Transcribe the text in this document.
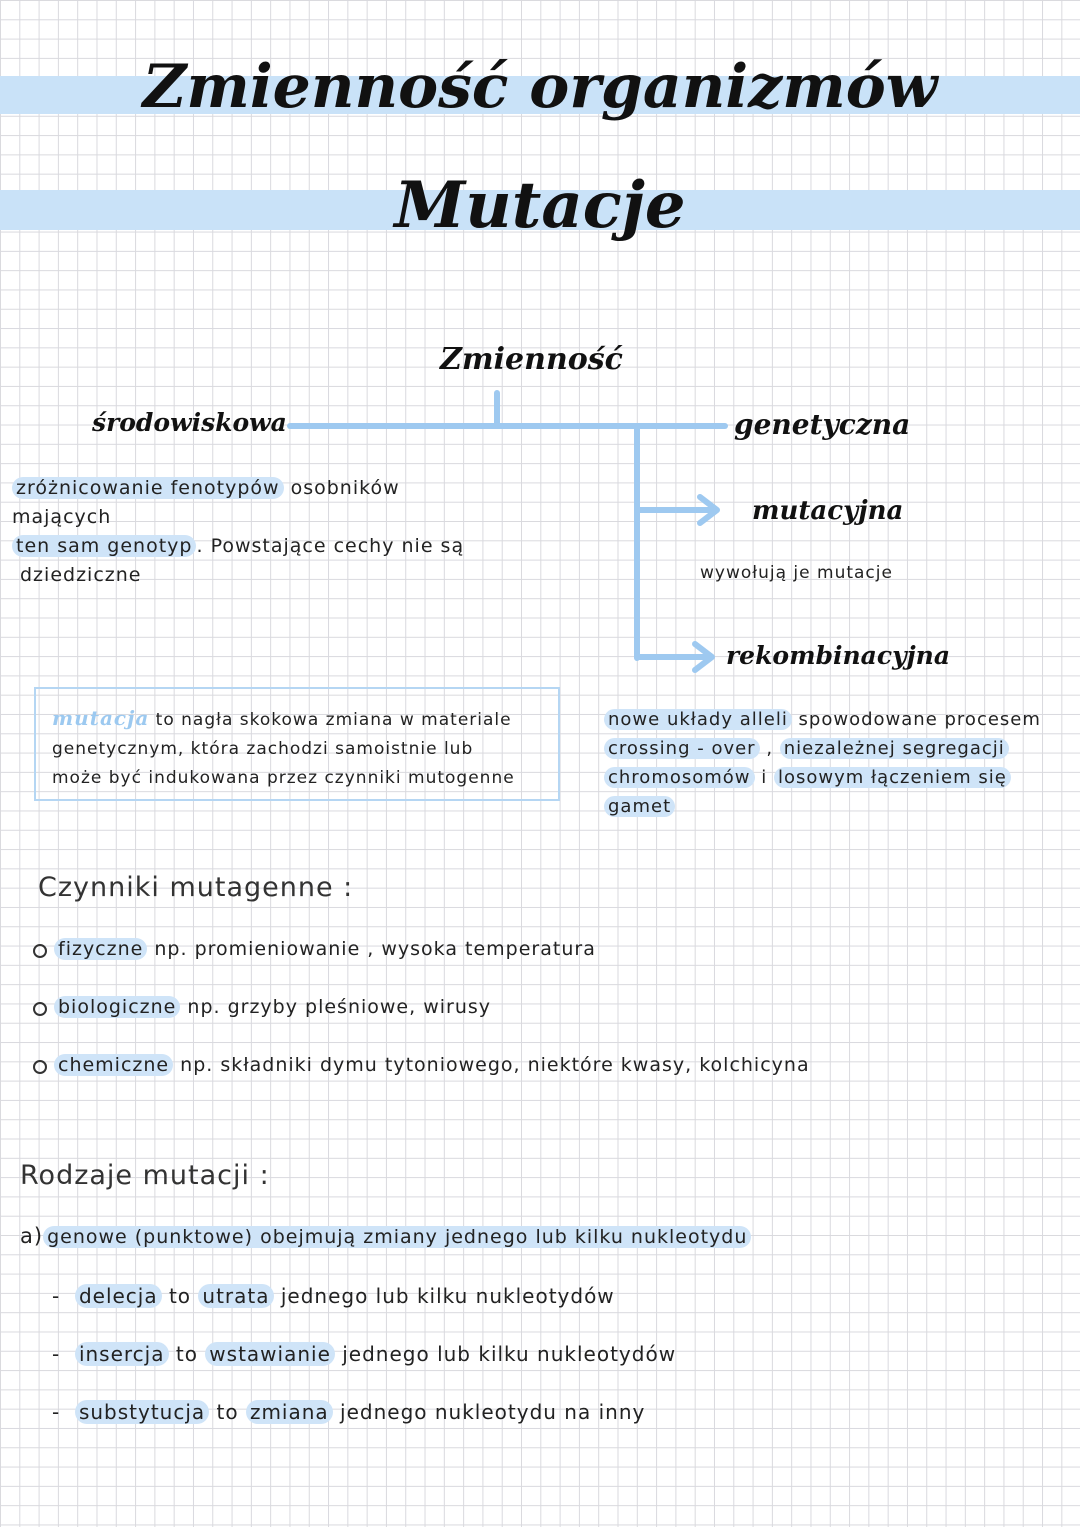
Zmienność organizmów
Mutacje
Zmienność
środowiskowa
zróżnicowanie fenotypów osobników mających
ten sam genotyp . Powstające cechy nie są
dziedziczne
genetyczna
mutacyjna
wywołują je mutacje
rekombinacyjna
nowe układy alleli spowodowane procesem
crossing - over , niezależnej segregacji
chromosomów i losowym łączeniem się
gamet
mutacja to nagła skokowa zmiana w materiale
genetycznym, która zachodzi samoistnie lub
może być indukowana przez czynniki mutogenne
Czynniki mutagenne :
fizyczne np. promieniowanie , wysoka temperatura
biologiczne np. grzyby pleśniowe, wirusy
chemiczne np. składniki dymu tytoniowego, niektóre kwasy, kolchicyna
Rodzaje mutacji :
a) genowe (punktowe) obejmują zmiany jednego lub kilku nukleotydu
- delecja to utrata jednego lub kilku nukleotydów
- insercja to wstawianie jednego lub kilku nukleotydów
- substytucja to zmiana jednego nukleotydu na inny
